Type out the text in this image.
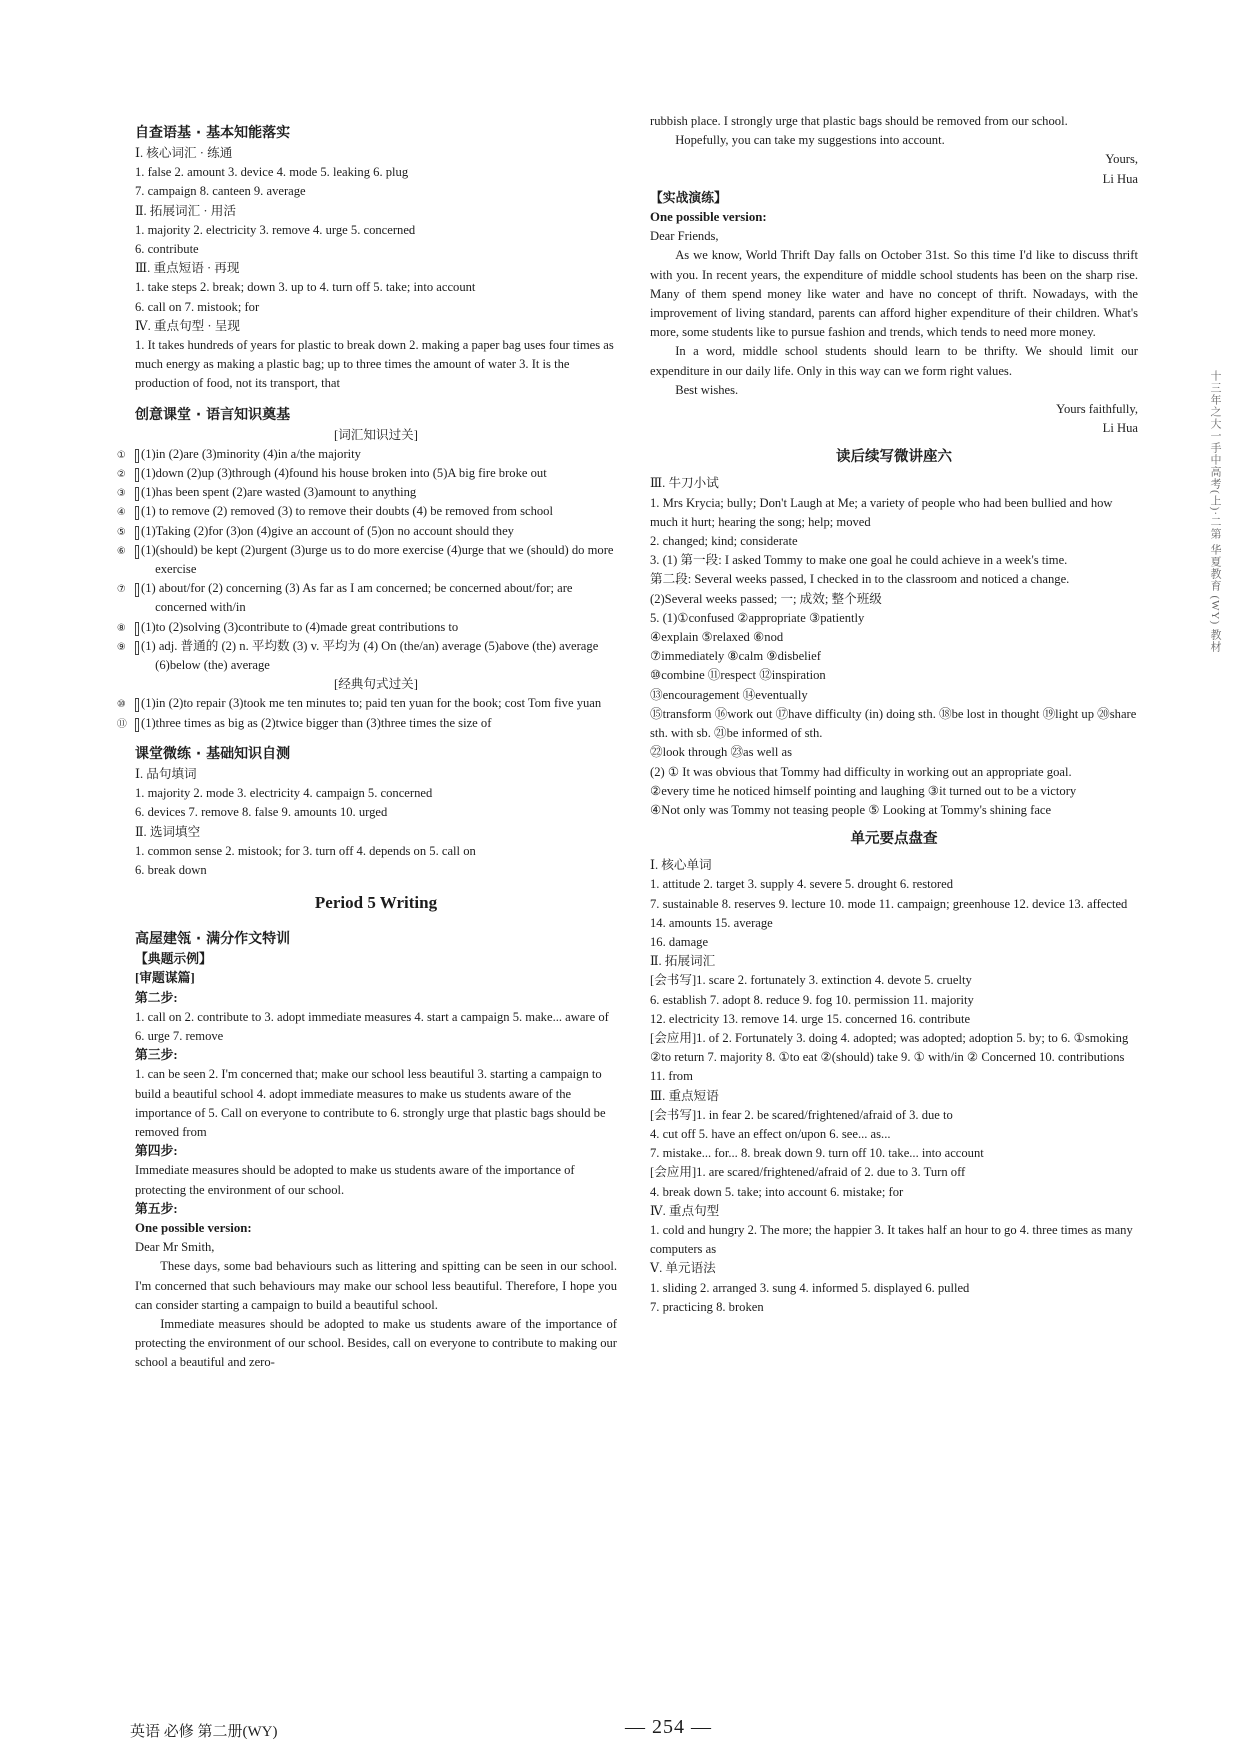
自查语基 · 基本知能落实
Ⅰ. 核心词汇 · 练通
1. false 2. amount 3. device 4. mode 5. leaking 6. plug
7. campaign 8. canteen 9. average
Ⅱ. 拓展词汇 · 用活
1. majority 2. electricity 3. remove 4. urge 5. concerned
6. contribute
Ⅲ. 重点短语 · 再现
1. take steps 2. break; down 3. up to 4. turn off 5. take; into account
6. call on 7. mistook; for
Ⅳ. 重点句型 · 呈现
1. It takes hundreds of years for plastic to break down 2. making a paper bag uses four times as much energy as making a plastic bag; up to three times the amount of water 3. It is the production of food, not its transport, that
创意课堂 · 语言知识奠基
[词汇知识过关]
① (1)in (2)are (3)minority (4)in a/the majority
② (1)down (2)up (3)through (4)found his house broken into (5)A big fire broke out
③ (1)has been spent (2)are wasted (3)amount to anything
④ (1) to remove (2) removed (3) to remove their doubts (4) be removed from school
⑤ (1)Taking (2)for (3)on (4)give an account of (5)on no account should they
⑥ (1)(should) be kept (2)urgent (3)urge us to do more exercise (4)urge that we (should) do more exercise
⑦ (1) about/for (2) concerning (3) As far as I am concerned; be concerned about/for; are concerned with/in
⑧ (1)to (2)solving (3)contribute to (4)made great contributions to
⑨ (1) adj. 普通的 (2) n. 平均数 (3) v. 平均为 (4) On (the/an) average (5)above (the) average (6)below (the) average
[经典句式过关]
⑩ (1)in (2)to repair (3)took me ten minutes to; paid ten yuan for the book; cost Tom five yuan
⑪ (1)three times as big as (2)twice bigger than (3)three times the size of
课堂微练 · 基础知识自测
Ⅰ. 品句填词
1. majority 2. mode 3. electricity 4. campaign 5. concerned
6. devices 7. remove 8. false 9. amounts 10. urged
Ⅱ. 选词填空
1. common sense 2. mistook; for 3. turn off 4. depends on 5. call on
6. break down
Period 5 Writing
高屋建瓴 · 满分作文特训
【典题示例】
[审题谋篇]
第二步:
1. call on 2. contribute to 3. adopt immediate measures 4. start a campaign 5. make... aware of 6. urge 7. remove
第三步:
1. can be seen 2. I'm concerned that; make our school less beautiful 3. starting a campaign to build a beautiful school 4. adopt immediate measures to make us students aware of the importance of 5. Call on everyone to contribute to 6. strongly urge that plastic bags should be removed from
第四步:
Immediate measures should be adopted to make us students aware of the importance of protecting the environment of our school.
第五步:
One possible version:
Dear Mr Smith,
These days, some bad behaviours such as littering and spitting can be seen in our school. I'm concerned that such behaviours may make our school less beautiful. Therefore, I hope you can consider starting a campaign to build a beautiful school.
Immediate measures should be adopted to make us students aware of the importance of protecting the environment of our school. Besides, call on everyone to contribute to making our school a beautiful and zero-
rubbish place. I strongly urge that plastic bags should be removed from our school.
Hopefully, you can take my suggestions into account.
Yours,
Li Hua
【实战演练】
One possible version:
Dear Friends,
As we know, World Thrift Day falls on October 31st. So this time I'd like to discuss thrift with you. In recent years, the expenditure of middle school students has been on the sharp rise. Many of them spend money like water and have no concept of thrift. Nowadays, with the improvement of living standard, parents can afford higher expenditure of their children. What's more, some students like to pursue fashion and trends, which tends to need more money.
In a word, middle school students should learn to be thrifty. We should limit our expenditure in our daily life. Only in this way can we form right values.
Best wishes.
Yours faithfully,
Li Hua
读后续写微讲座六
Ⅲ. 牛刀小试
1. Mrs Krycia; bully; Don't Laugh at Me; a variety of people who had been bullied and how much it hurt; hearing the song; help; moved
2. changed; kind; considerate
3. (1) 第一段: I asked Tommy to make one goal he could achieve in a week's time.
第二段: Several weeks passed, I checked in to the classroom and noticed a change.
(2)Several weeks passed; 一; 成效; 整个班级
5. (1)①confused ②appropriate ③patiently
④explain ⑤relaxed ⑥nod
⑦immediately ⑧calm ⑨disbelief
⑩combine ⑪respect ⑫inspiration
⑬encouragement ⑭eventually
⑮transform ⑯work out ⑰have difficulty (in) doing sth. ⑱be lost in thought ⑲light up ⑳share sth. with sb. ㉑be informed of sth.
㉒look through ㉓as well as
(2) ① It was obvious that Tommy had difficulty in working out an appropriate goal.
②every time he noticed himself pointing and laughing ③it turned out to be a victory
④Not only was Tommy not teasing people ⑤ Looking at Tommy's shining face
单元要点盘查
Ⅰ. 核心单词
1. attitude 2. target 3. supply 4. severe 5. drought 6. restored
7. sustainable 8. reserves 9. lecture 10. mode 11. campaign; greenhouse 12. device 13. affected 14. amounts 15. average
16. damage
Ⅱ. 拓展词汇
[会书写]1. scare 2. fortunately 3. extinction 4. devote 5. cruelty
6. establish 7. adopt 8. reduce 9. fog 10. permission 11. majority
12. electricity 13. remove 14. urge 15. concerned 16. contribute
[会应用]1. of 2. Fortunately 3. doing 4. adopted; was adopted; adoption 5. by; to 6. ①smoking ②to return 7. majority 8. ①to eat ②(should) take 9. ① with/in ② Concerned 10. contributions
11. from
Ⅲ. 重点短语
[会书写]1. in fear 2. be scared/frightened/afraid of 3. due to
4. cut off 5. have an effect on/upon 6. see... as...
7. mistake... for... 8. break down 9. turn off 10. take... into account
[会应用]1. are scared/frightened/afraid of 2. due to 3. Turn off
4. break down 5. take; into account 6. mistake; for
Ⅳ. 重点句型
1. cold and hungry 2. The more; the happier 3. It takes half an hour to go 4. three times as many computers as
Ⅴ. 单元语法
1. sliding 2. arranged 3. sung 4. informed 5. displayed 6. pulled
7. practicing 8. broken
英语 必修 第二册(WY)	— 254 —
十三年之大一手中高考(上)·二第 华夏教育 (WY) 教材
